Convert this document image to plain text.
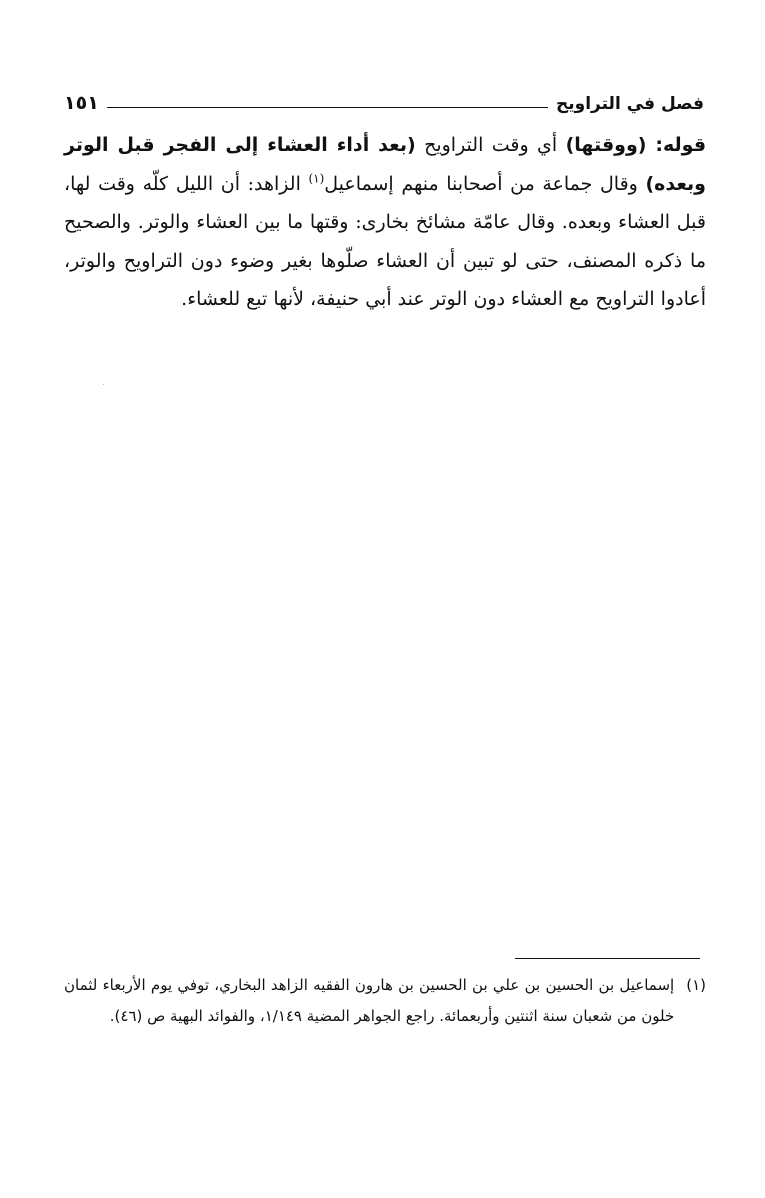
فصل في التراويح
١٥١

قوله: (ووقتها) أي وقت التراويح (بعد أداء العشاء إلى الفجر قبل الوتر وبعده) وقال جماعة من أصحابنا منهم إسماعيل$^{(١)}$ الزاهد: أن الليل كلّه وقت لها، قبل العشاء وبعده. وقال عامّة مشائخ بخارى: وقتها ما بين العشاء والوتر. والصحيح ما ذكره المصنف، حتى لو تبين أن العشاء صلّوها بغير وضوء دون التراويح والوتر، أعادوا التراويح مع العشاء دون الوتر عند أبي حنيفة، لأنها تبع للعشاء.

(١)
إسماعيل بن الحسين بن علي بن الحسين بن هارون الفقيه الزاهد البخاري، توفي يوم الأربعاء لثمان خلون من شعبان سنة اثنتين وأربعمائة. راجع الجواهر المضية ١/١٤٩، والفوائد البهية ص (٤٦).
